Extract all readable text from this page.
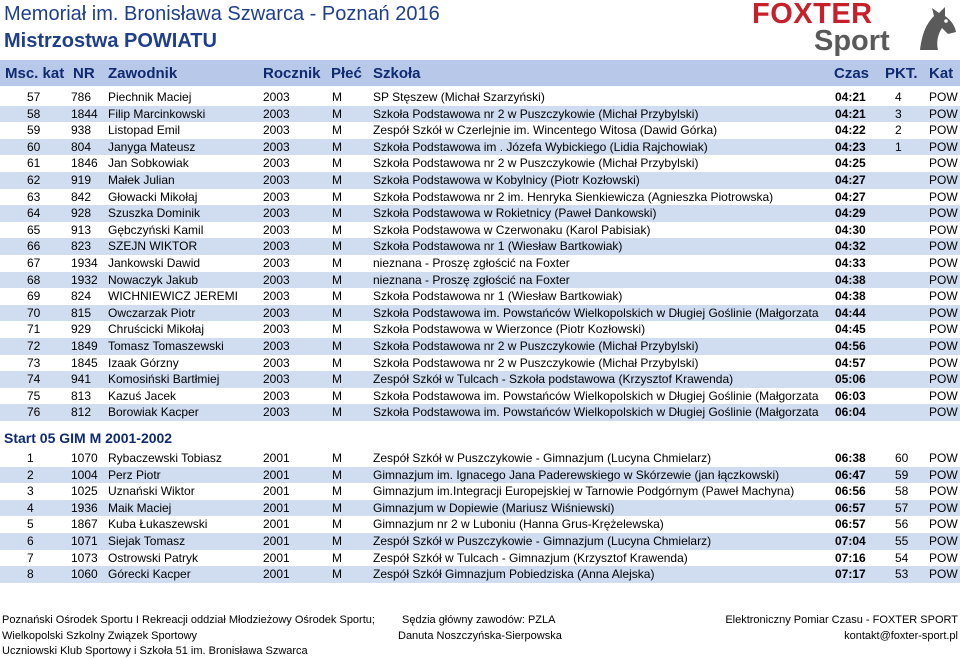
Memoriał im. Bronisława Szwarca - Poznań 2016
Mistrzostwa POWIATU
FOXTER
Sport
Msc. kat NR Zawodnik	Rocznik Płeć Szkoła	Czas PKT. Kat
57	786 Piechnik Maciej	2003	M	SP Stęszew (Michał Szarzyński)	04:21 4 POW
58	1844 Filip Marcinkowski	2003	M	Szkoła Podstawowa nr 2 w Puszczykowie (Michał Przybylski)	04:21 3 POW
59	938 Listopad Emil	2003	M	Zespół Szkół w Czerlejnie im. Wincentego Witosa (Dawid Górka)	04:22 2 POW
60	804 Janyga Mateusz	2003	M	Szkoła Podstawowa im . Józefa Wybickiego (Lidia Rajchowiak)	04:23 1 POW
61	1846 Jan Sobkowiak	2003	M	Szkoła Podstawowa nr 2 w Puszczykowie (Michał Przybylski)	04:25	POW
62	919 Małek Julian	2003	M	Szkoła Podstawowa w Kobylnicy (Piotr Kozłowski)	04:27	POW
63	842 Głowacki Mikołaj	2003	M	Szkoła Podstawowa nr 2 im. Henryka Sienkiewicza (Agnieszka Piotrowska)	04:27	POW
64	928 Szuszka Dominik	2003	M	Szkoła Podstawowa w Rokietnicy (Paweł Dankowski)	04:29	POW
65	913 Gębczyński Kamil	2003	M	Szkoła Podstawowa w Czerwonaku (Karol Pabisiak)	04:30	POW
66	823 SZEJN WIKTOR	2003	M	Szkoła Podstawowa nr 1 (Wiesław Bartkowiak)	04:32	POW
67	1934 Jankowski Dawid	2003	M	nieznana - Proszę zgłościć na Foxter	04:33	POW
68	1932 Nowaczyk Jakub	2003	M	nieznana - Proszę zgłościć na Foxter	04:38	POW
69	824 WICHNIEWICZ JEREMI	2003	M	Szkoła Podstawowa nr 1 (Wiesław Bartkowiak)	04:38	POW
70	815 Owczarzak Piotr	2003	M	Szkoła Podstawowa im. Powstańców Wielkopolskich w Długiej Goślinie (Małgorzata	04:44	POW
71	929 Chruścicki Mikołaj	2003	M	Szkoła Podstawowa w Wierzonce (Piotr Kozłowski)	04:45	POW
72	1849 Tomasz Tomaszewski	2003	M	Szkoła Podstawowa nr 2 w Puszczykowie (Michał Przybylski)	04:56	POW
73	1845 Izaak Górzny	2003	M	Szkoła Podstawowa nr 2 w Puszczykowie (Michał Przybylski)	04:57	POW
74	941 Komosiński Bartłmiej	2003	M	Zespół Szkół w Tulcach - Szkoła podstawowa (Krzysztof Krawenda)	05:06	POW
75	813 Kazuś Jacek	2003	M	Szkoła Podstawowa im. Powstańców Wielkopolskich w Długiej Goślinie (Małgorzata	06:03	POW
76	812 Borowiak Kacper	2003	M	Szkoła Podstawowa im. Powstańców Wielkopolskich w Długiej Goślinie (Małgorzata	06:04	POW
Start 05 GIM M 2001-2002
1	1070 Rybaczewski Tobiasz	2001	M	Zespół Szkół w Puszczykowie - Gimnazjum (Lucyna Chmielarz)	06:38 60 POW
2	1004 Perz Piotr	2001	M	Gimnazjum im. Ignacego Jana Paderewskiego w Skórzewie (jan łączkowski)	06:47 59 POW
3	1025 Uznański Wiktor	2001	M	Gimnazjum im.Integracji Europejskiej w Tarnowie Podgórnym (Paweł Machyna)	06:56 58 POW
4	1936 Maik Maciej	2001	M	Gimnazjum w Dopiewie (Mariusz Wiśniewski)	06:57 57 POW
5	1867 Kuba Łukaszewski	2001	M	Gimnazjum nr 2 w Luboniu (Hanna Grus-Krężelewska)	06:57 56 POW
6	1071 Siejak Tomasz	2001	M	Zespół Szkół w Puszczykowie - Gimnazjum (Lucyna Chmielarz)	07:04 55 POW
7	1073 Ostrowski Patryk	2001	M	Zespół Szkół w Tulcach - Gimnazjum (Krzysztof Krawenda)	07:16 54 POW
8	1060 Górecki Kacper	2001	M	Zespół Szkół Gimnazjum Pobiedziska (Anna Alejska)	07:17 53 POW
Poznański Ośrodek Sportu I Rekreacji oddział Młodzieżowy Ośrodek Sportu;
Wielkopolski Szkolny Związek Sportowy
Uczniowski Klub Sportowy i Szkoła 51 im. Bronisława Szwarca
Sędzia główny zawodów: PZLA
Danuta Noszczyńska-Sierpowska
Elektroniczny Pomiar Czasu - FOXTER SPORT
kontakt@foxter-sport.pl
